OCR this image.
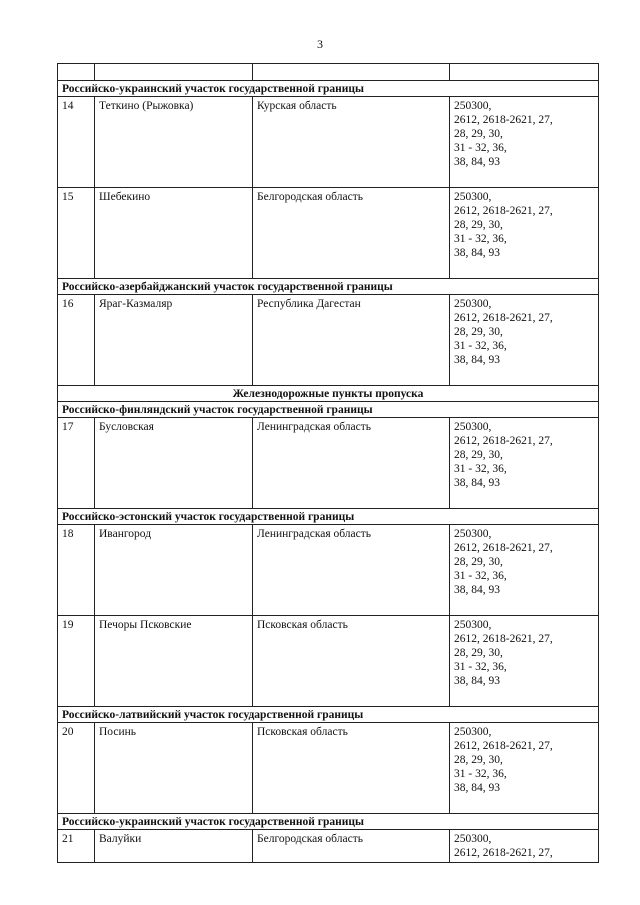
3

Российско-украинский участок государственной границы			
14	Теткино (Рыжовка)	Курская область	250300,
2612, 2618-2621, 27,
28, 29, 30,
31 - 32, 36,
38, 84, 93
15	Шебекино	Белгородская область	250300,
2612, 2618-2621, 27,
28, 29, 30,
31 - 32, 36,
38, 84, 93
Российско-азербайджанский участок государственной границы			
16	Яраг-Казмаляр	Республика Дагестан	250300,
2612, 2618-2621, 27,
28, 29, 30,
31 - 32, 36,
38, 84, 93
Железнодорожные пункты пропуска			
Российско-финляндский участок государственной границы			
17	Бусловская	Ленинградская область	250300,
2612, 2618-2621, 27,
28, 29, 30,
31 - 32, 36,
38, 84, 93
Российско-эстонский участок государственной границы			
18	Ивангород	Ленинградская область	250300,
2612, 2618-2621, 27,
28, 29, 30,
31 - 32, 36,
38, 84, 93
19	Печоры Псковские	Псковская область	250300,
2612, 2618-2621, 27,
28, 29, 30,
31 - 32, 36,
38, 84, 93
Российско-латвийский участок государственной границы			
20	Посинь	Псковская область	250300,
2612, 2618-2621, 27,
28, 29, 30,
31 - 32, 36,
38, 84, 93
Российско-украинский участок государственной границы			
21	Валуйки	Белгородская область	250300,
2612, 2618-2621, 27,
